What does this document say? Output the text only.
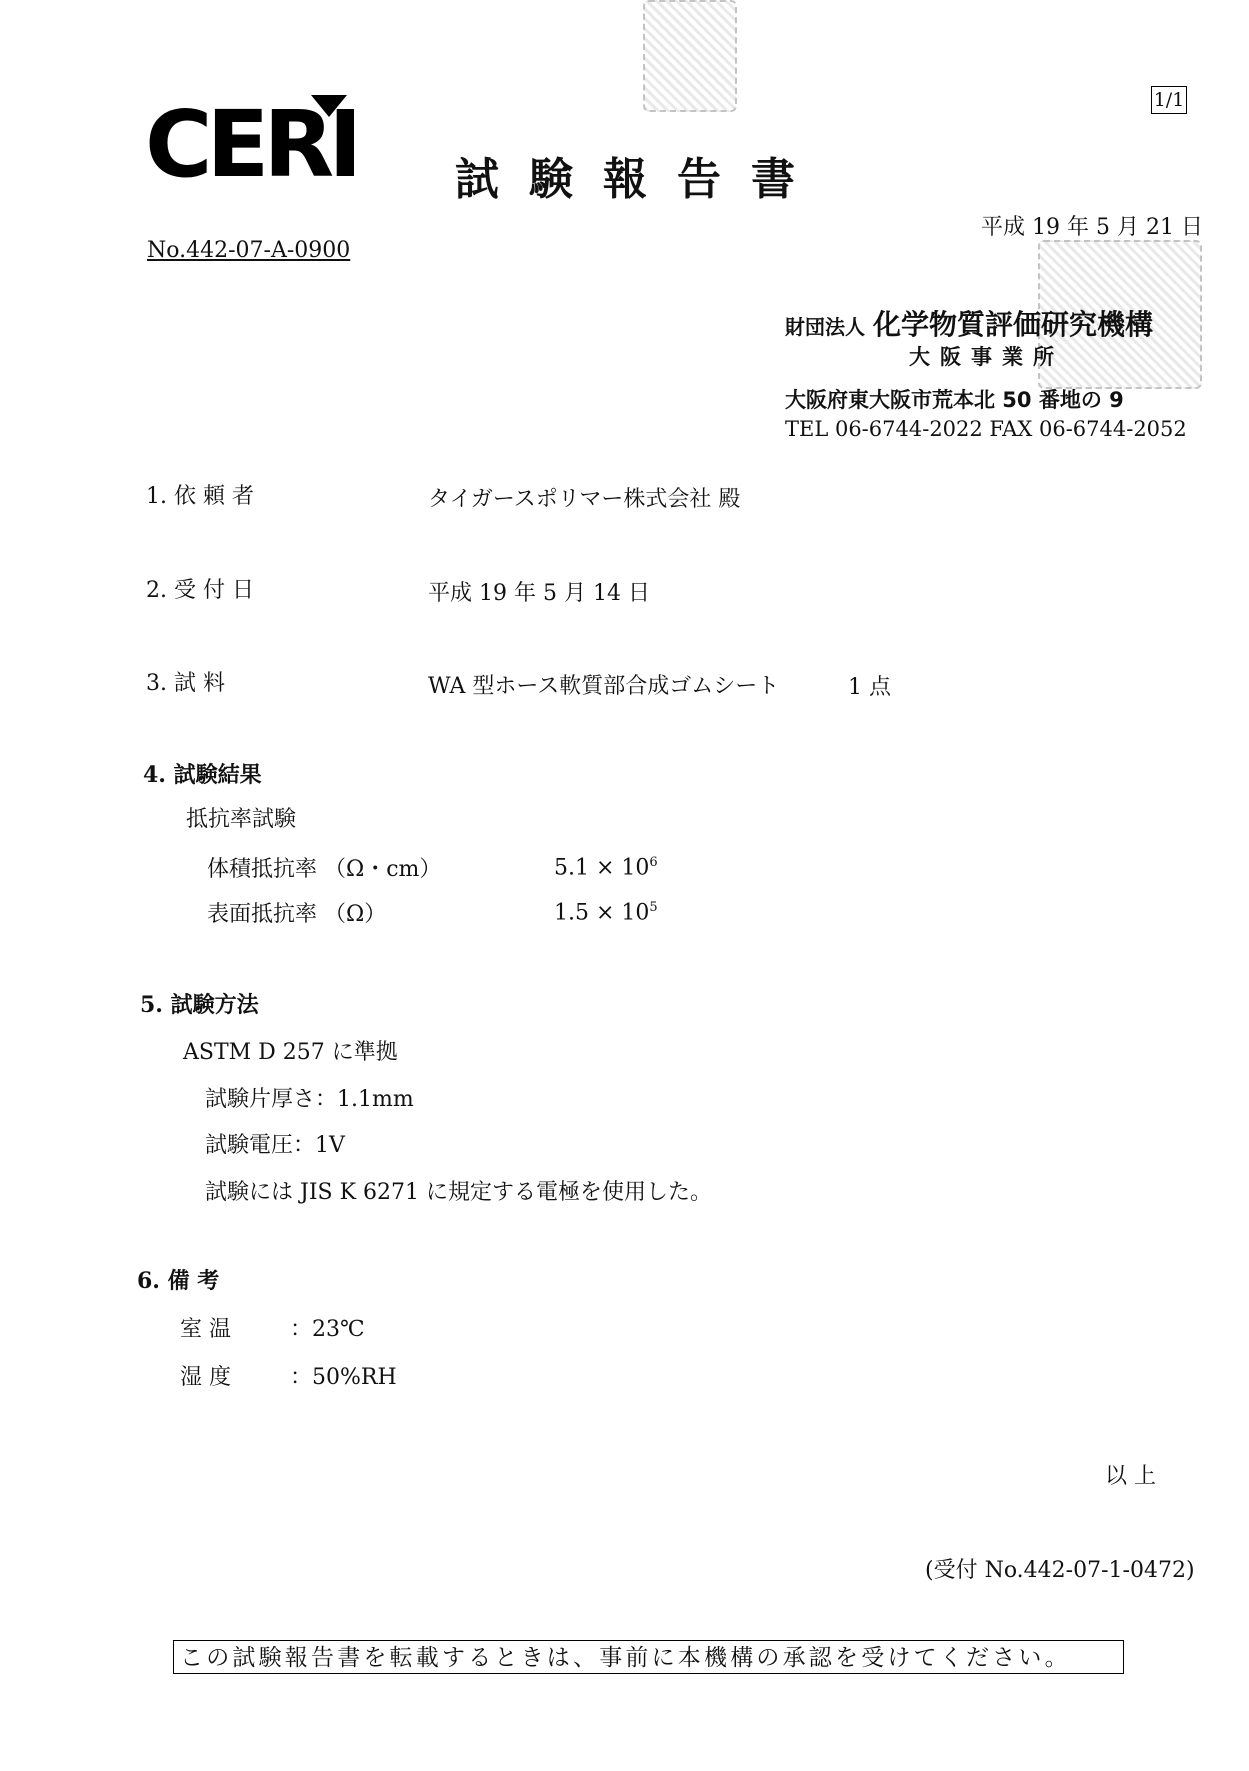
CERI 試験報告書
1/1
No.442-07-A-0900
平成 19 年 5 月 21 日
財団法人 化学物質評価研究機構
大阪事業所
大阪府東大阪市荒本北 50 番地の 9
TEL 06-6744-2022 FAX 06-6744-2052
1. 依 頼 者	タイガースポリマー株式会社 殿
2. 受 付 日	平成 19 年 5 月 14 日
3. 試 料	WA 型ホース軟質部合成ゴムシート	1 点
4. 試験結果
抵抗率試験
体積抵抗率 （Ω・cm）	$5.1 \times 10^6$
表面抵抗率 （Ω）	$1.5 \times 10^5$
5. 試験方法
ASTM D 257 に準拠
試験片厚さ：1.1mm
試験電圧：1V
試験には JIS K 6271 に規定する電極を使用した。
6. 備 考
室 温	：23℃
湿 度	：50%RH
以 上
(受付 No.442-07-1-0472)
この試験報告書を転載するときは、事前に本機構の承認を受けてください。
